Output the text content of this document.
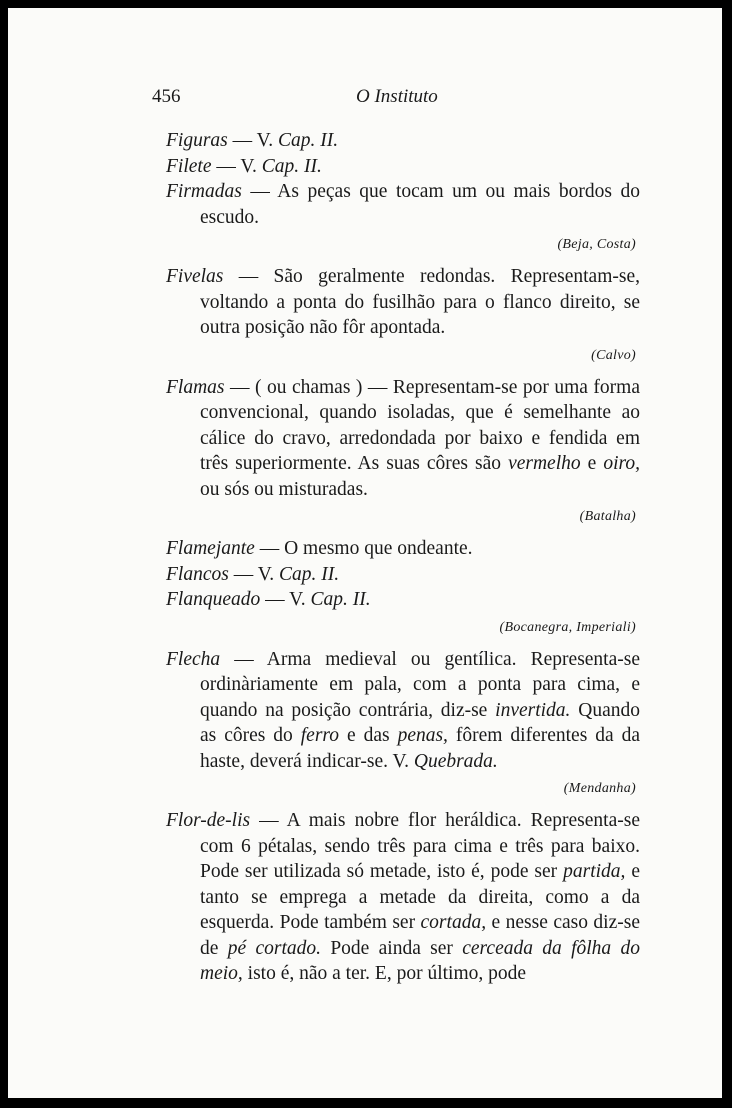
456	O Instituto

Figuras — V. Cap. II.

Filete — V. Cap. II.

Firmadas — As peças que tocam um ou mais bordos do escudo.

(Beja, Costa)

Fivelas — São geralmente redondas. Representam-se, voltando a ponta do fusilhão para o flanco direito, se outra posição não fôr apontada.

(Calvo)

Flamas — ( ou chamas ) — Representam-se por uma forma convencional, quando isoladas, que é semelhante ao cálice do cravo, arredondada por baixo e fendida em três superiormente. As suas côres são vermelho e oiro, ou sós ou misturadas.

(Batalha)

Flamejante — O mesmo que ondeante.

Flancos — V. Cap. II.

Flanqueado — V. Cap. II.

(Bocanegra, Imperiali)

Flecha — Arma medieval ou gentílica. Representa-se ordinàriamente em pala, com a ponta para cima, e quando na posição contrária, diz-se invertida. Quando as côres do ferro e das penas, fôrem diferentes da da haste, deverá indicar-se. V. Quebrada.

(Mendanha)

Flor-de-lis — A mais nobre flor heráldica. Representa-se com 6 pétalas, sendo três para cima e três para baixo. Pode ser utilizada só metade, isto é, pode ser partida, e tanto se emprega a metade da direita, como a da esquerda. Pode também ser cortada, e nesse caso diz-se de pé cortado. Pode ainda ser cerceada da fôlha do meio, isto é, não a ter. E, por último, pode
